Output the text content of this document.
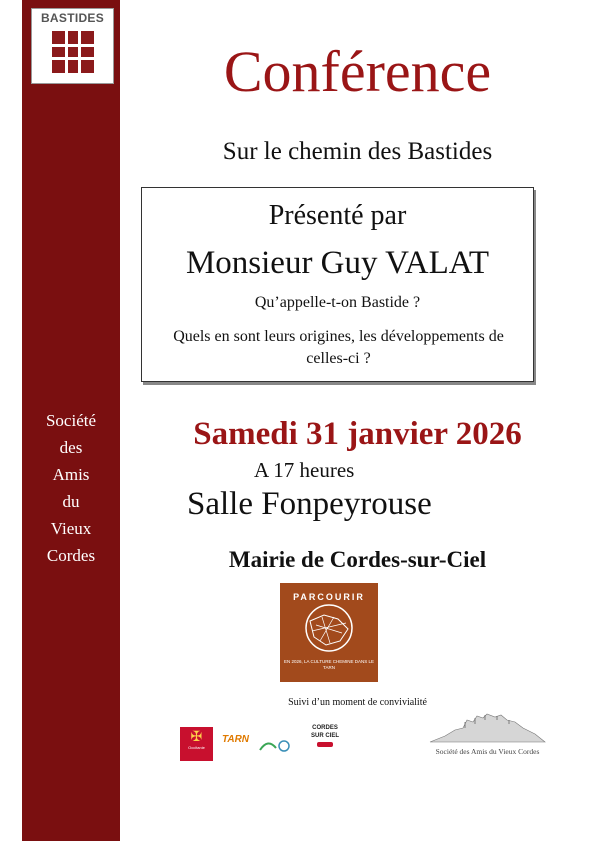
BASTIDES
Société
des
Amis
du
Vieux
Cordes
Conférence
Sur le chemin des Bastides
Présenté par
Monsieur Guy VALAT
Qu’appelle-t-on Bastide ?
Quels en sont leurs origines, les développements de celles-ci ?
Samedi 31 janvier 2026
A 17 heures
Salle Fonpeyrouse
Mairie de Cordes-sur-Ciel
PARCOURIR
EN 2026, LA CULTURE CHEMINE DANS LE TARN
Suivi d’un moment de convivialité
✠
Occitanie
TARN
CORDES SUR CIEL
Société des Amis du Vieux Cordes
